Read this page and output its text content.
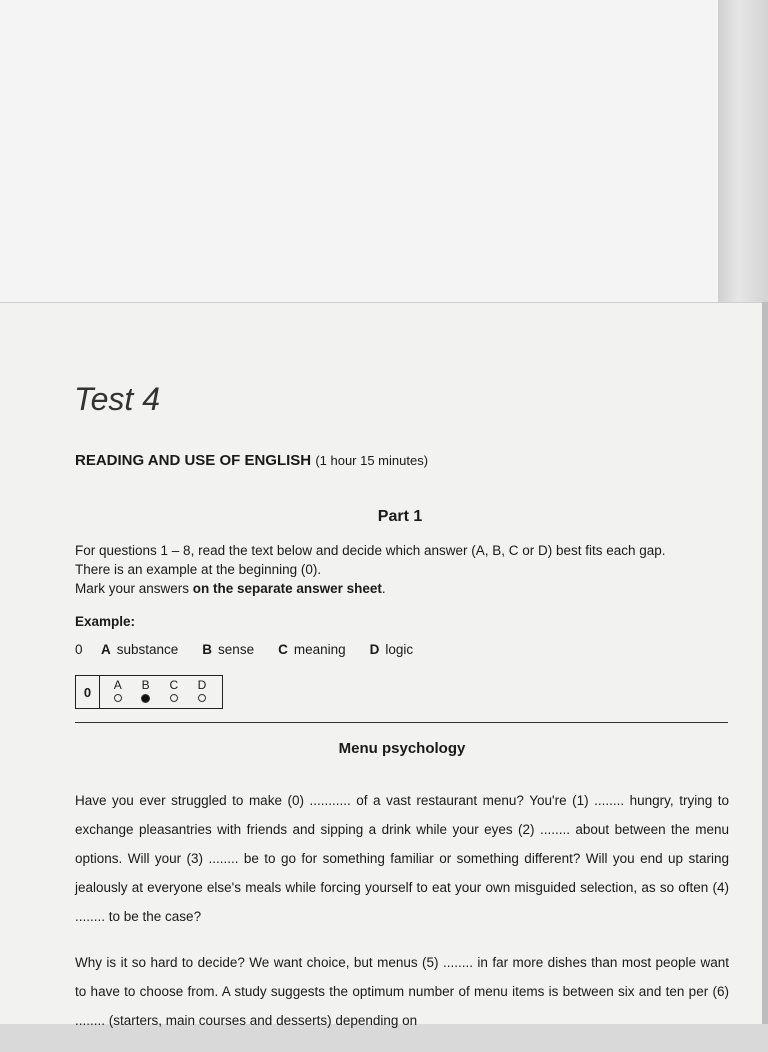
Test 4
READING AND USE OF ENGLISH (1 hour 15 minutes)
Part 1

For questions 1 – 8, read the text below and decide which answer (A, B, C or D) best fits each gap.

There is an example at the beginning (0).

Mark your answers on the separate answer sheet.

Example:
0	A substance B sense C meaning D logic
0	A B C D
Menu psychology

Have you ever struggled to make (0) ........... of a vast restaurant menu? You're (1) ........ hungry, trying to exchange pleasantries with friends and sipping a drink while your eyes (2) ........ about between the menu options. Will your (3) ........ be to go for something familiar or something different? Will you end up staring jealously at everyone else's meals while forcing yourself to eat your own misguided selection, as so often (4) ........ to be the case?

Why is it so hard to decide? We want choice, but menus (5) ........ in far more dishes than most people want to have to choose from. A study suggests the optimum number of menu items is between six and ten per (6) ........ (starters, main courses and desserts) depending on
